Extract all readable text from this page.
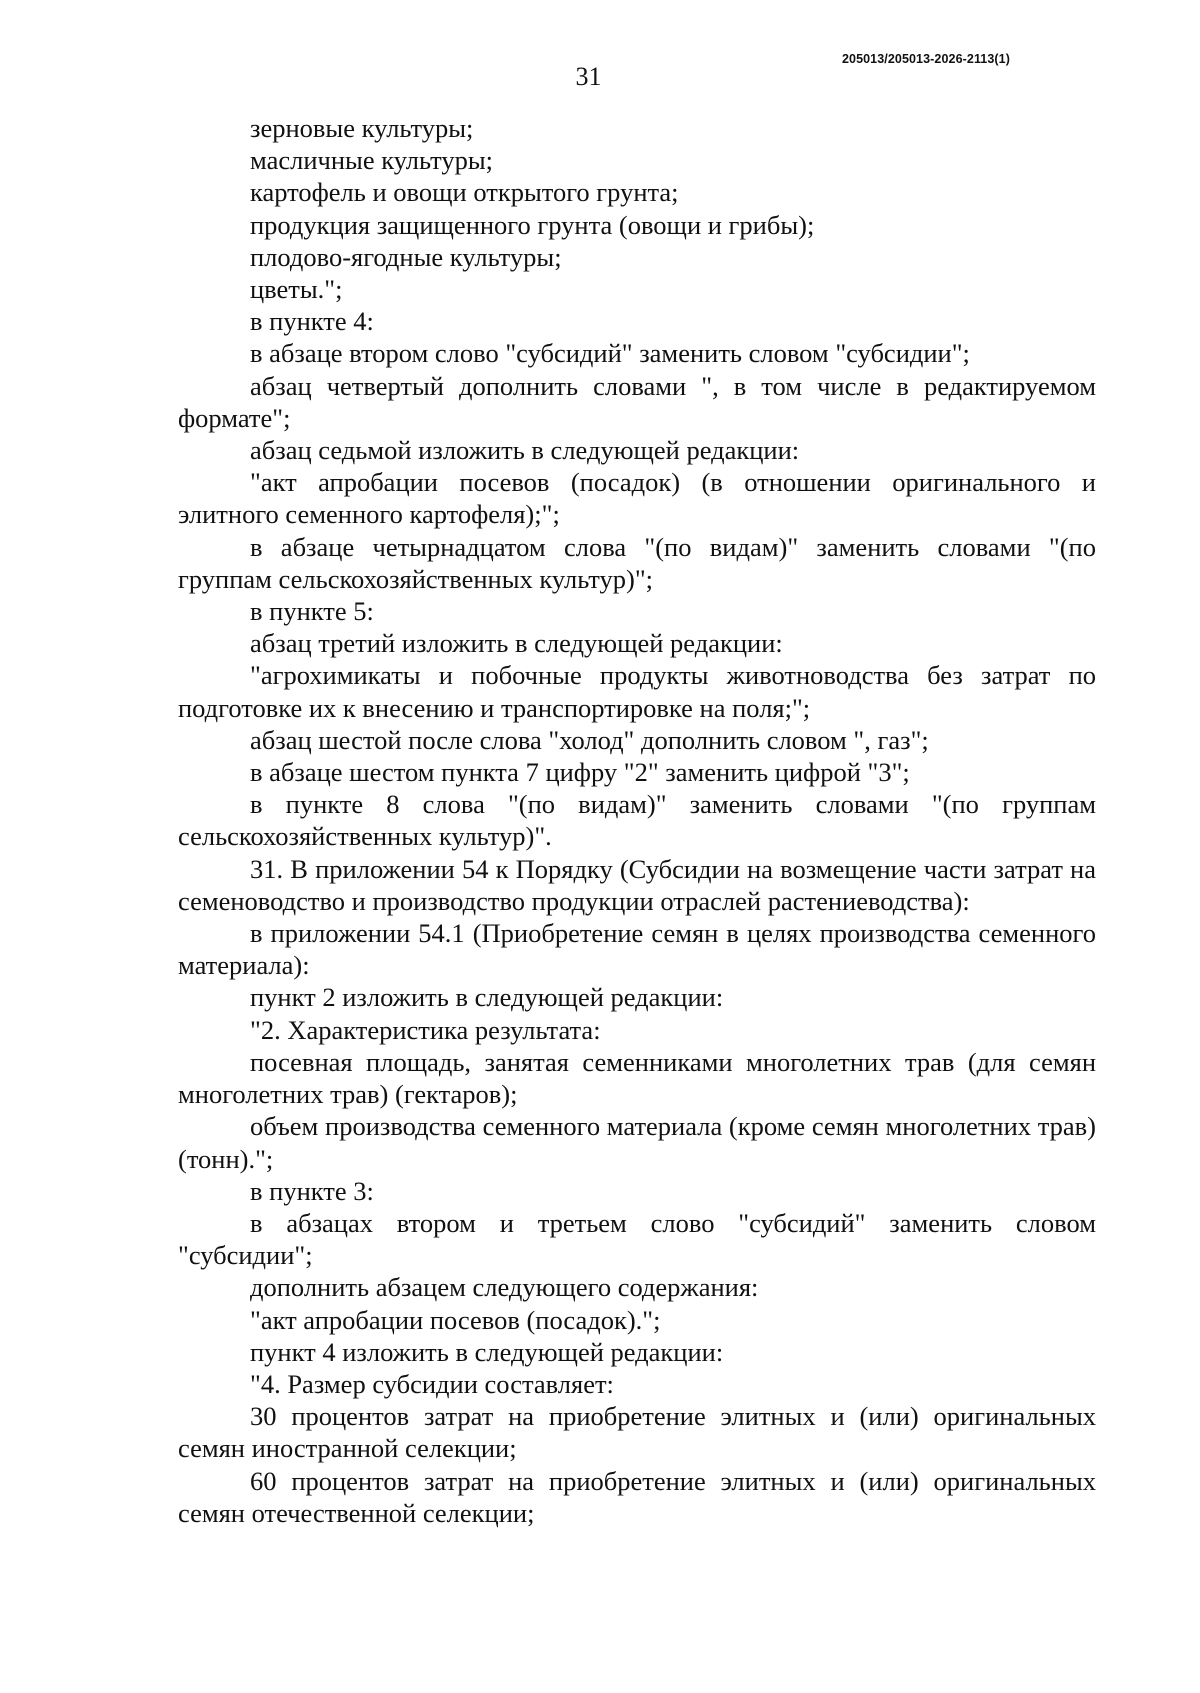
205013/205013-2026-2113(1)
31

зерновые культуры;

масличные культуры;

картофель и овощи открытого грунта;

продукция защищенного грунта (овощи и грибы);

плодово-ягодные культуры;

цветы.";

в пункте 4:

в абзаце втором слово "субсидий" заменить словом "субсидии";

абзац четвертый дополнить словами ", в том числе в редактируемом формате";

абзац седьмой изложить в следующей редакции:

"акт апробации посевов (посадок) (в отношении оригинального и элитного семенного картофеля);";

в абзаце четырнадцатом слова "(по видам)" заменить словами "(по группам сельскохозяйственных культур)";

в пункте 5:

абзац третий изложить в следующей редакции:

"агрохимикаты и побочные продукты животноводства без затрат по подготовке их к внесению и транспортировке на поля;";

абзац шестой после слова "холод" дополнить словом ", газ";

в абзаце шестом пункта 7 цифру "2" заменить цифрой "3";

в пункте 8 слова "(по видам)" заменить словами "(по группам сельскохозяйственных культур)".

31. В приложении 54 к Порядку (Субсидии на возмещение части затрат на семеноводство и производство продукции отраслей растениеводства):

в приложении 54.1 (Приобретение семян в целях производства семенного материала):

пункт 2 изложить в следующей редакции:

"2. Характеристика результата:

посевная площадь, занятая семенниками многолетних трав (для семян многолетних трав) (гектаров);

объем производства семенного материала (кроме семян многолетних трав) (тонн).";

в пункте 3:

в абзацах втором и третьем слово "субсидий" заменить словом "субсидии";

дополнить абзацем следующего содержания:

"акт апробации посевов (посадок).";

пункт 4 изложить в следующей редакции:

"4. Размер субсидии составляет:

30 процентов затрат на приобретение элитных и (или) оригинальных семян иностранной селекции;

60 процентов затрат на приобретение элитных и (или) оригинальных семян отечественной селекции;
